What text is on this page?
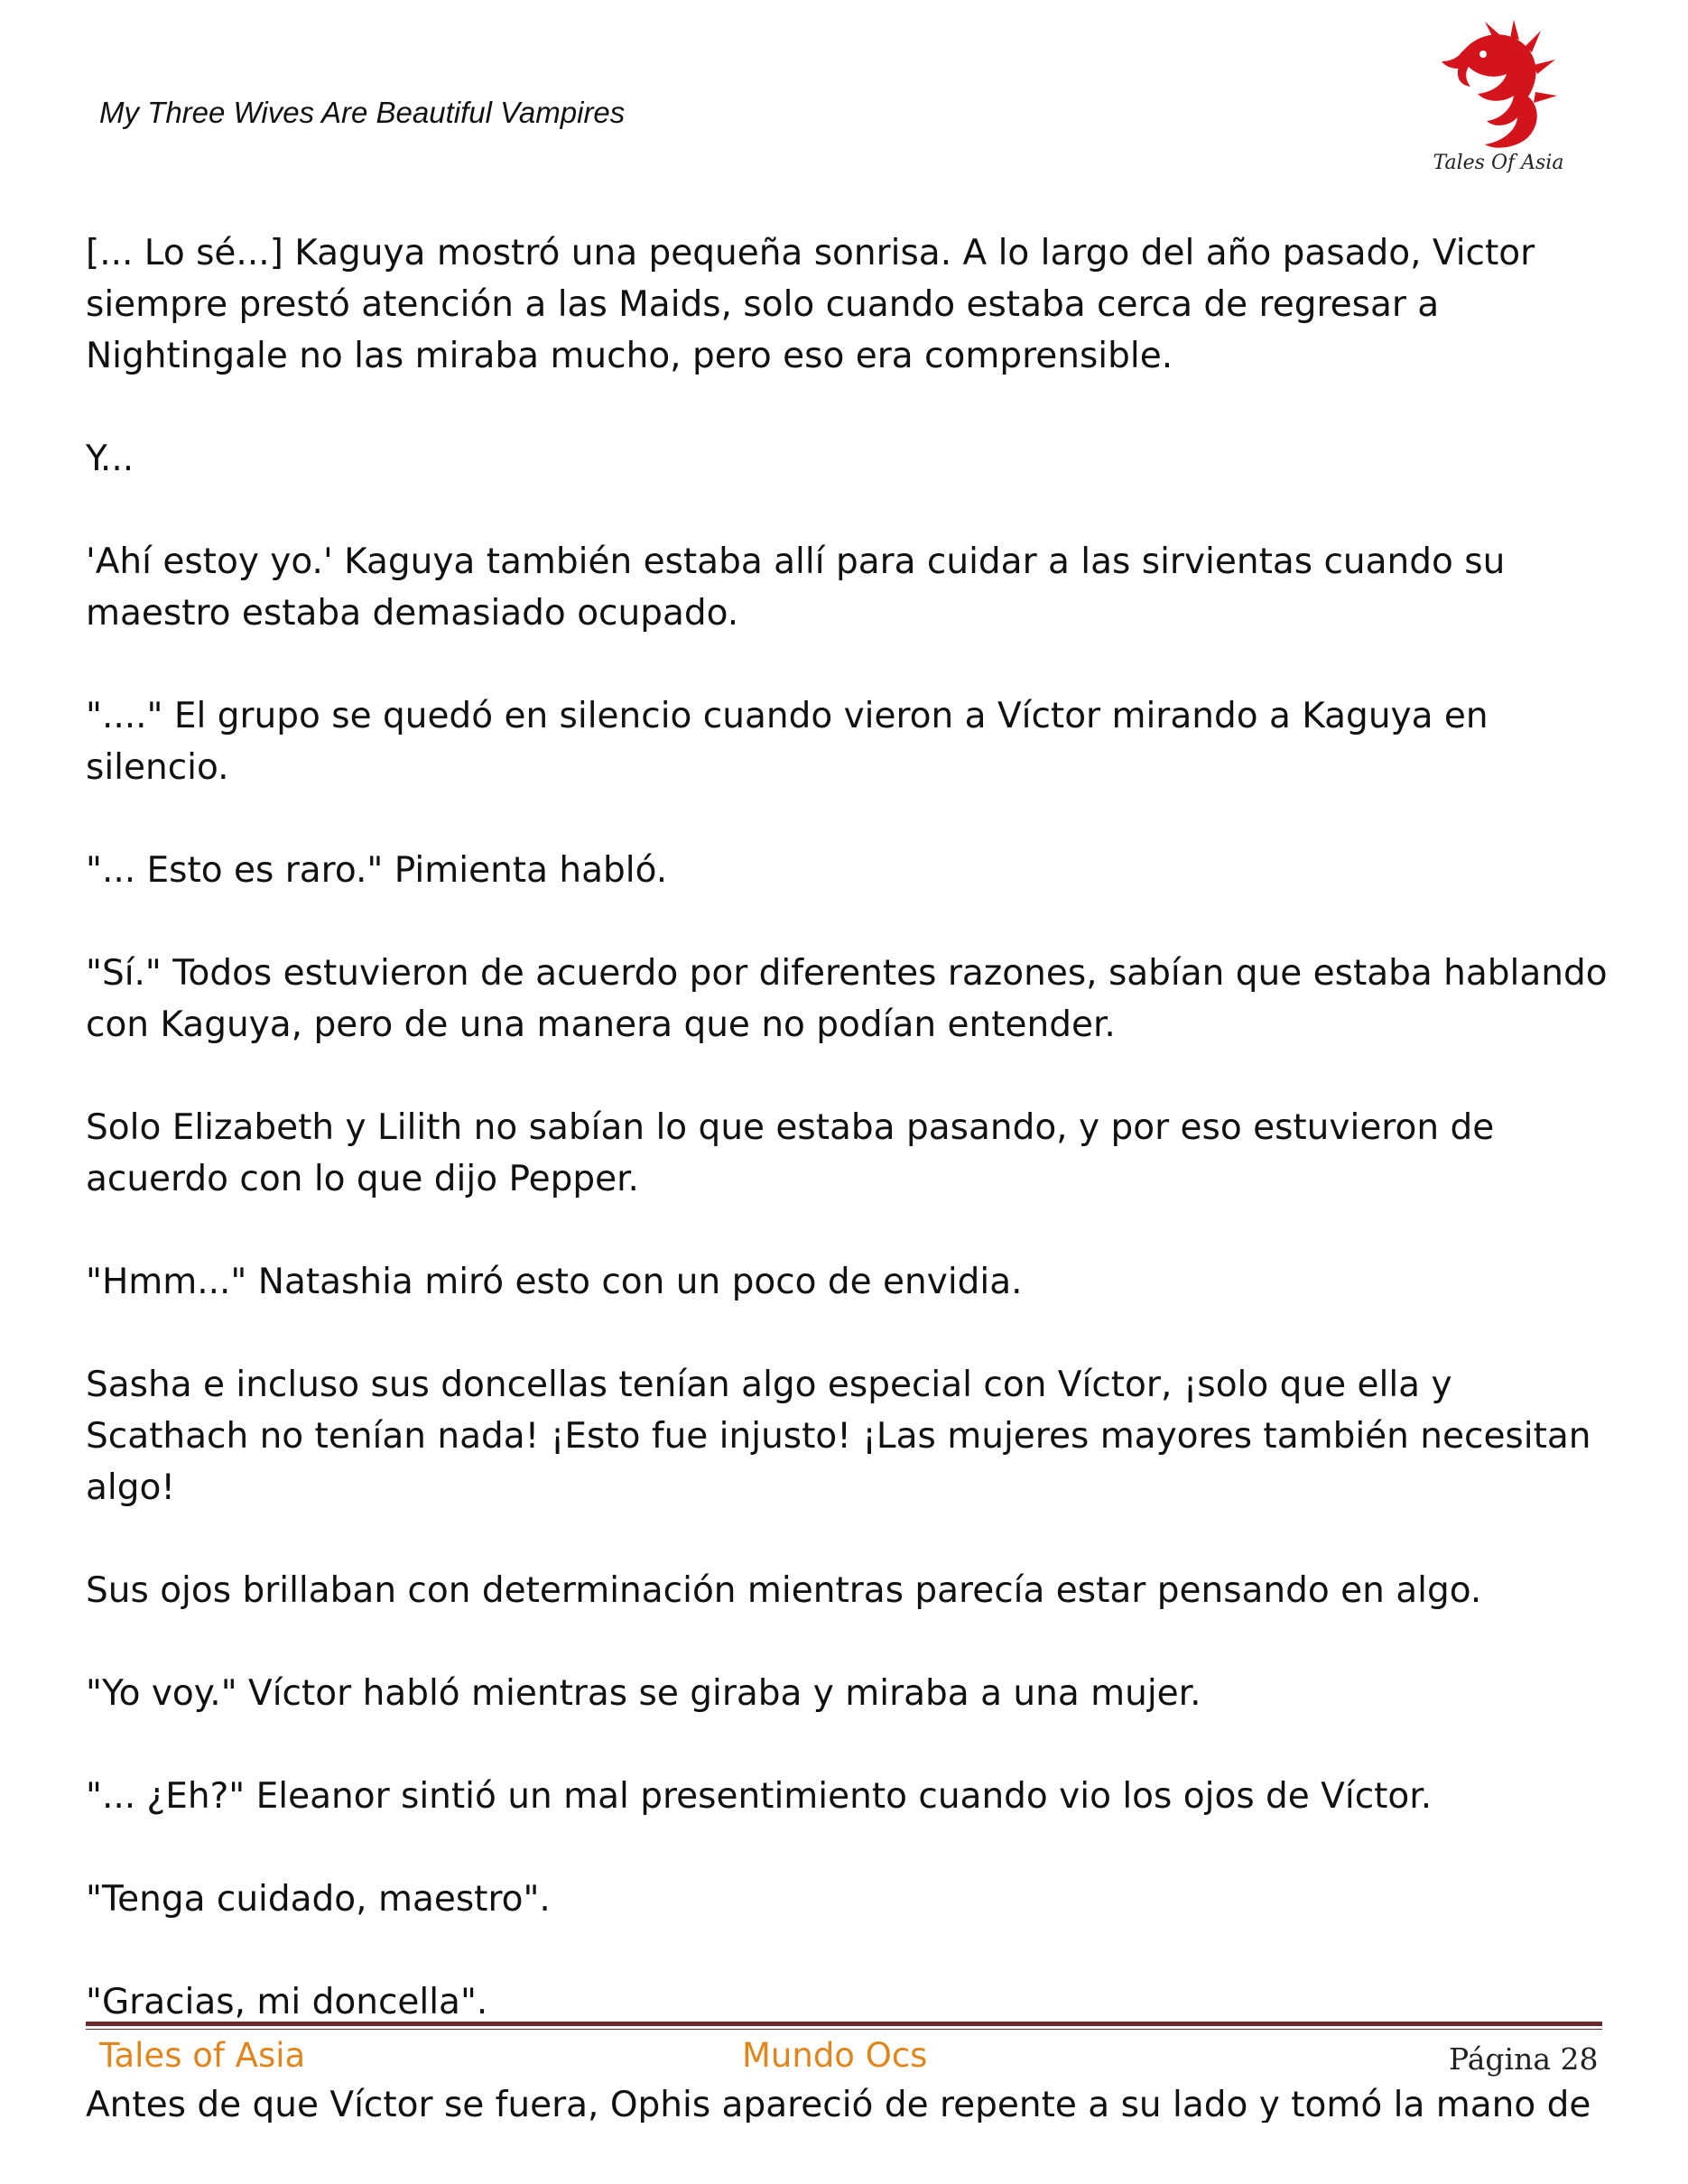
My Three Wives Are Beautiful Vampires
Tales Of Asia

[... Lo sé...] Kaguya mostró una pequeña sonrisa. A lo largo del año pasado, Victor siempre prestó atención a las Maids, solo cuando estaba cerca de regresar a Nightingale no las miraba mucho, pero eso era comprensible.

Y...

'Ahí estoy yo.' Kaguya también estaba allí para cuidar a las sirvientas cuando su maestro estaba demasiado ocupado.

"...." El grupo se quedó en silencio cuando vieron a Víctor mirando a Kaguya en silencio.

"... Esto es raro." Pimienta habló.

"Sí." Todos estuvieron de acuerdo por diferentes razones, sabían que estaba hablando con Kaguya, pero de una manera que no podían entender.

Solo Elizabeth y Lilith no sabían lo que estaba pasando, y por eso estuvieron de acuerdo con lo que dijo Pepper.

"Hmm..." Natashia miró esto con un poco de envidia.

Sasha e incluso sus doncellas tenían algo especial con Víctor, ¡solo que ella y Scathach no tenían nada! ¡Esto fue injusto! ¡Las mujeres mayores también necesitan algo!

Sus ojos brillaban con determinación mientras parecía estar pensando en algo.

"Yo voy." Víctor habló mientras se giraba y miraba a una mujer.

"... ¿Eh?" Eleanor sintió un mal presentimiento cuando vio los ojos de Víctor.

"Tenga cuidado, maestro".

"Gracias, mi doncella".

Antes de que Víctor se fuera, Ophis apareció de repente a su lado y tomó la mano de

Tales of Asia	Mundo Ocs	Página 28
